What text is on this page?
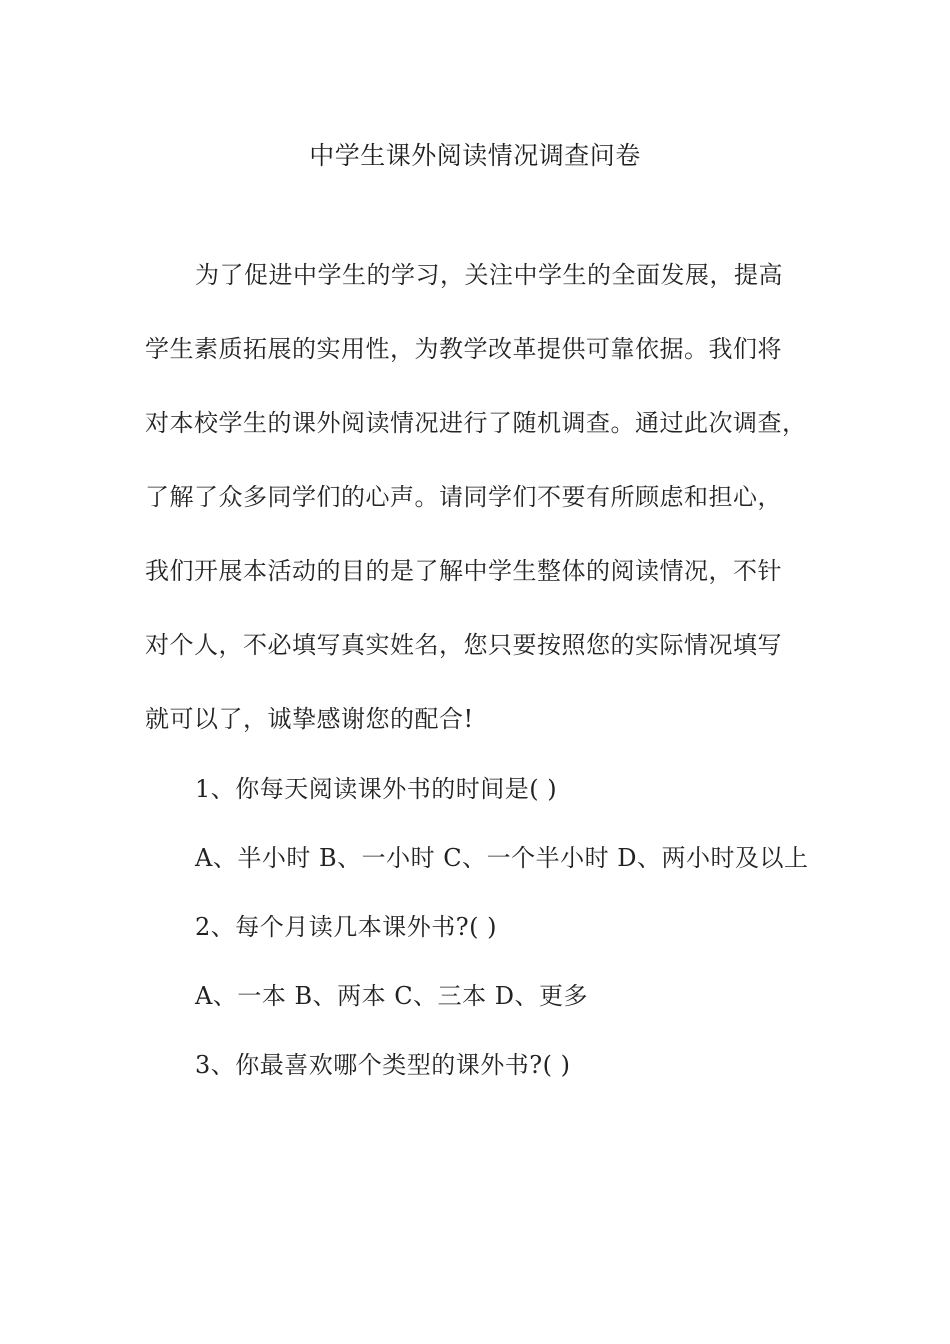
中学生课外阅读情况调查问卷
为了促进中学生的学习，关注中学生的全面发展，提高
学生素质拓展的实用性，为教学改革提供可靠依据。我们将
对本校学生的课外阅读情况进行了随机调查。通过此次调查，
了解了众多同学们的心声。请同学们不要有所顾虑和担心，
我们开展本活动的目的是了解中学生整体的阅读情况，不针
对个人，不必填写真实姓名，您只要按照您的实际情况填写
就可以了，诚挚感谢您的配合!
1、你每天阅读课外书的时间是( )
A、半小时 B、一小时 C、一个半小时 D、两小时及以上
2、每个月读几本课外书?( )
A、一本 B、两本 C、三本 D、更多
3、你最喜欢哪个类型的课外书?( )
